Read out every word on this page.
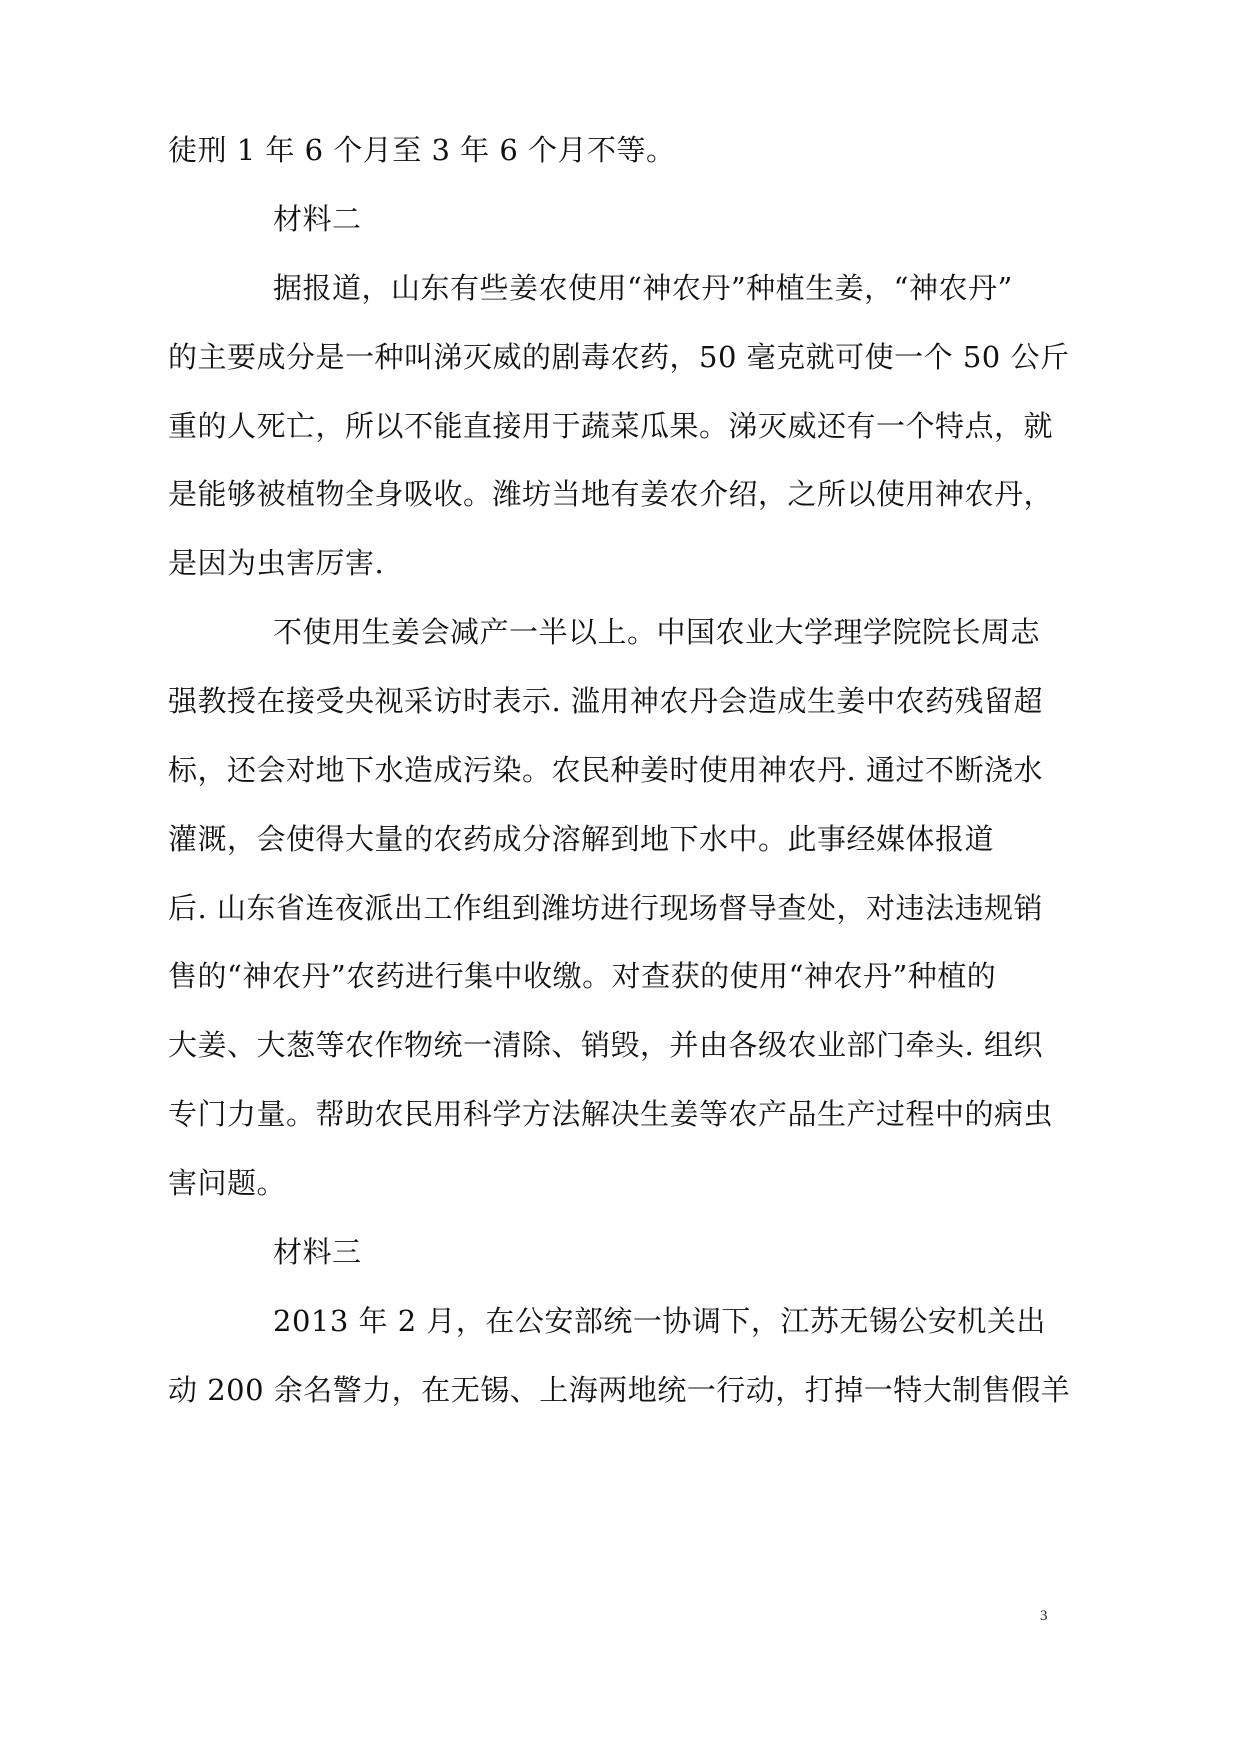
徒刑 1 年 6 个月至 3 年 6 个月不等。
材料二
据报道，山东有些姜农使用“神农丹”种植生姜，“神农丹”
的主要成分是一种叫涕灭威的剧毒农药，50 毫克就可使一个 50 公斤
重的人死亡，所以不能直接用于蔬菜瓜果。涕灭威还有一个特点，就
是能够被植物全身吸收。潍坊当地有姜农介绍，之所以使用神农丹，
是因为虫害厉害.
不使用生姜会减产一半以上。中国农业大学理学院院长周志
强教授在接受央视采访时表示. 滥用神农丹会造成生姜中农药残留超
标，还会对地下水造成污染。农民种姜时使用神农丹. 通过不断浇水
灌溉，会使得大量的农药成分溶解到地下水中。此事经媒体报道
后. 山东省连夜派出工作组到潍坊进行现场督导查处，对违法违规销
售的“神农丹”农药进行集中收缴。对查获的使用“神农丹”种植的
大姜、大葱等农作物统一清除、销毁，并由各级农业部门牵头. 组织
专门力量。帮助农民用科学方法解决生姜等农产品生产过程中的病虫
害问题。
材料三
2013 年 2 月，在公安部统一协调下，江苏无锡公安机关出
动 200 余名警力，在无锡、上海两地统一行动，打掉一特大制售假羊
3
